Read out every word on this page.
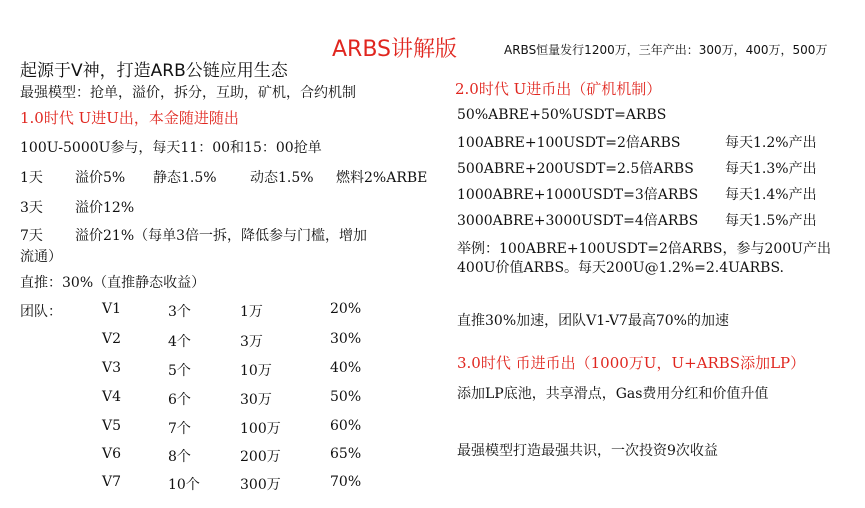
ARBS讲解版	ARBS恒量发行1200万，三年产出：300万，400万，500万
起源于V神，打造ARB公链应用生态
最强模型：抢单，溢价，拆分，互助，矿机，合约机制
1.0时代 U进U出，本金随进随出
100U-5000U参与，每天11：00和15：00抢单
1天 溢价5% 静态1.5% 动态1.5% 燃料2%ARBE
3天 溢价12%
7天 溢价21%（每单3倍一拆，降低参与门槛，增加
流通）
直推：30%（直推静态收益）
团队：	V1	3个	1万	20%
V2	4个	3万	30%
V3	5个	10万	40%
V4	6个	30万	50%
V5	7个	100万	60%
V6	8个	200万	65%
V7	10个	300万	70%
2.0时代 U进币出（矿机机制）
50%ABRE+50%USDT=ARBS
100ABRE+100USDT=2倍ARBS	每天1.2%产出
500ABRE+200USDT=2.5倍ARBS 每天1.3%产出
1000ABRE+1000USDT=3倍ARBS 每天1.4%产出
3000ABRE+3000USDT=4倍ARBS 每天1.5%产出
举例：100ABRE+100USDT=2倍ARBS，参与200U产出
400U价值ARBS。每天200U@1.2%=2.4UARBS.
直推30%加速，团队V1-V7最高70%的加速
3.0时代 币进币出（1000万U，U+ARBS添加LP）
添加LP底池，共享滑点，Gas费用分红和价值升值
最强模型打造最强共识，一次投资9次收益
